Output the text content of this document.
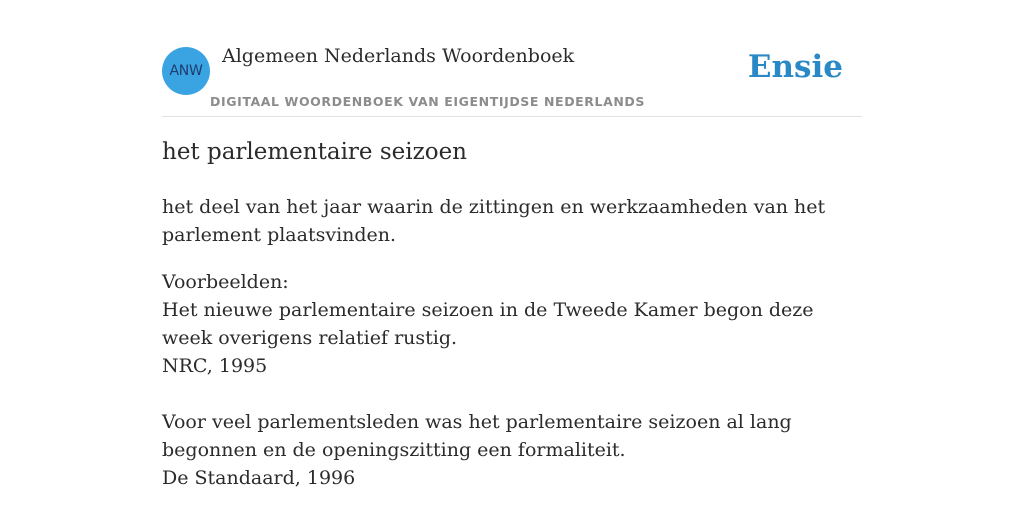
ANW
Algemeen Nederlands Woordenboek
DIGITAAL WOORDENBOEK VAN EIGENTIJDSE NEDERLANDS
Ensie
het parlementaire seizoen
het deel van het jaar waarin de zittingen en werkzaamheden van het parlement plaatsvinden.
Voorbeelden:
Het nieuwe parlementaire seizoen in de Tweede Kamer begon deze week overigens relatief rustig.
NRC, 1995
Voor veel parlementsleden was het parlementaire seizoen al lang begonnen en de openingszitting een formaliteit.
De Standaard, 1996
